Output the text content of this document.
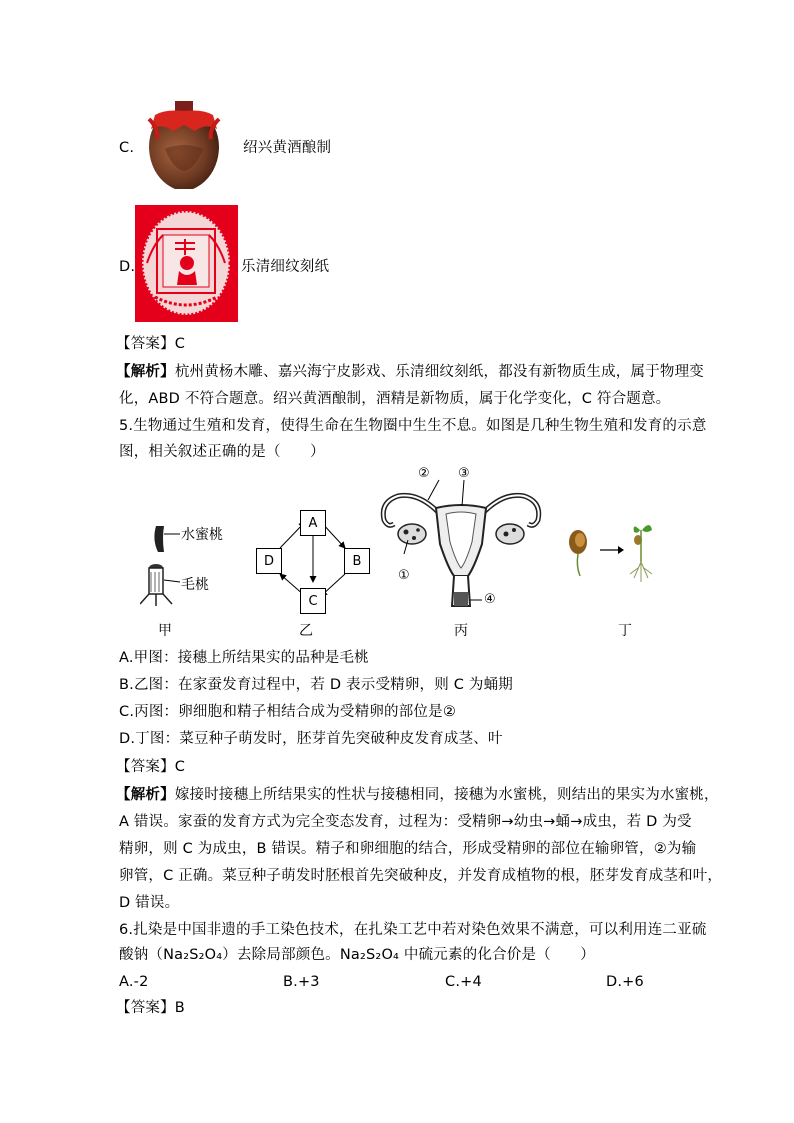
C.	绍兴黄酒酿制
D.	乐清细纹刻纸
【答案】C
【解析】杭州黄杨木雕、嘉兴海宁皮影戏、乐清细纹刻纸，都没有新物质生成，属于物理变
化，ABD 不符合题意。绍兴黄酒酿制，酒精是新物质，属于化学变化，C 符合题意。
5.生物通过生殖和发育，使得生命在生物圈中生生不息。如图是几种生物生殖和发育的示意
图，相关叙述正确的是（　　）
水蜜桃
毛桃
甲
A
B
C
D
乙
② ③
①
④
丙	丁
A.甲图：接穗上所结果实的品种是毛桃
B.乙图：在家蚕发育过程中，若 D 表示受精卵，则 C 为蛹期
C.丙图：卵细胞和精子相结合成为受精卵的部位是②
D.丁图：菜豆种子萌发时，胚芽首先突破种皮发育成茎、叶
【答案】C
【解析】嫁接时接穗上所结果实的性状与接穗相同，接穗为水蜜桃，则结出的果实为水蜜桃，
A 错误。家蚕的发育方式为完全变态发育，过程为：受精卵→幼虫→蛹→成虫，若 D 为受
精卵，则 C 为成虫，B 错误。精子和卵细胞的结合，形成受精卵的部位在输卵管，②为输
卵管，C 正确。菜豆种子萌发时胚根首先突破种皮，并发育成植物的根，胚芽发育成茎和叶，
D 错误。
6.扎染是中国非遗的手工染色技术，在扎染工艺中若对染色效果不满意，可以利用连二亚硫
酸钠（Na₂S₂O₄）去除局部颜色。Na₂S₂O₄ 中硫元素的化合价是（　　）
A.-2	B.+3	C.+4	D.+6
【答案】B
